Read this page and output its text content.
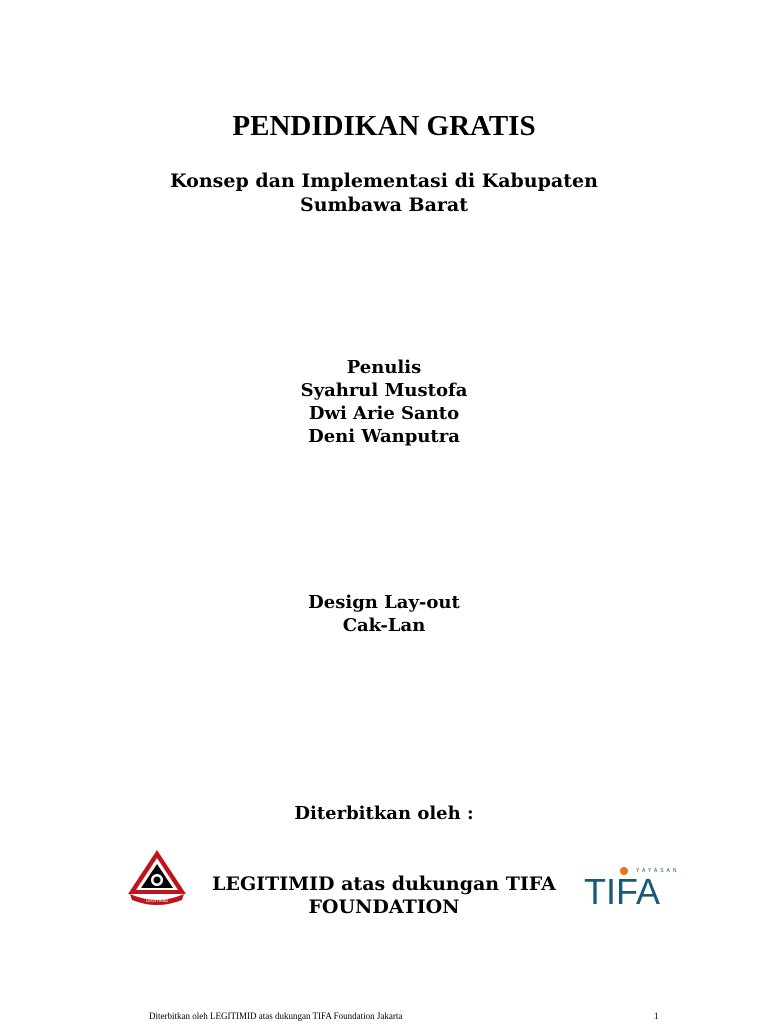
PENDIDIKAN GRATIS
Konsep dan Implementasi di Kabupaten
Sumbawa Barat
Penulis
Syahrul Mustofa
Dwi Arie Santo
Deni Wanputra
Design Lay-out
Cak-Lan
Diterbitkan oleh :
LEGITIMID
LEGITIMID atas dukungan TIFA
FOUNDATION
YAYASAN
TIFA
Diterbitkan oleh LEGITIMID atas dukungan TIFA Foundation Jakarta	1
